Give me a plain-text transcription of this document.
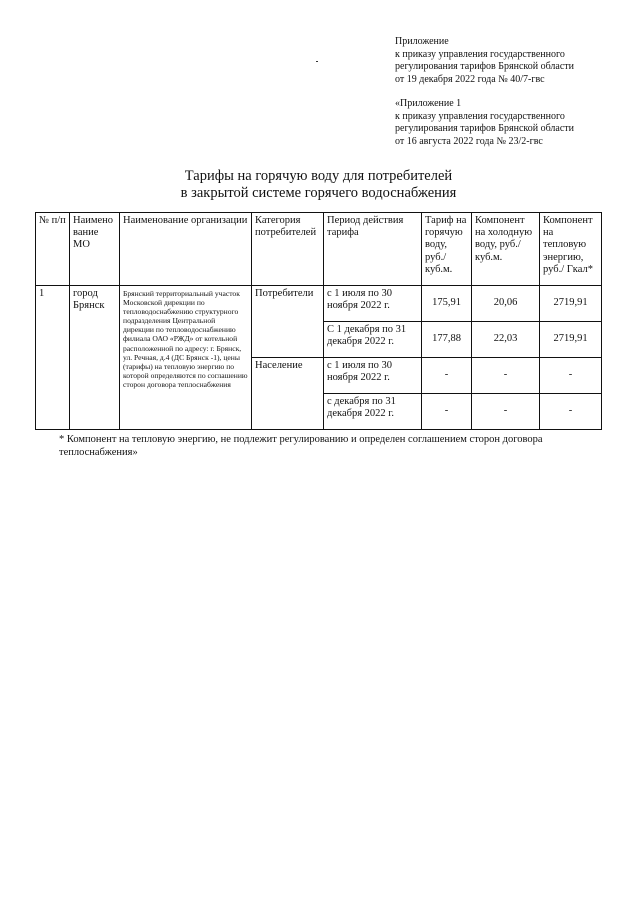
Приложение
к приказу управления государственного
регулирования тарифов Брянской области
от 19 декабря 2022 года № 40/7-гвс
«Приложение 1
к приказу управления государственного
регулирования тарифов Брянской области
от 16 августа 2022 года № 23/2-гвс
Тарифы на горячую воду для потребителей
в закрытой системе горячего водоснабжения
№ п/п	Наимено вание МО	Наименование организации	Категория потребителей	Период действия тарифа	Тариф на горячую воду, руб./ куб.м.	Компонент на холодную воду, руб./ куб.м.	Компонент на тепловую энергию, руб./ Гкал*
1	город Брянск	Брянский территориальный участок Московской дирекции по тепловодоснабжению структурного подразделения Центральной дирекции по тепловодоснабжению филиала ОАО «РЖД» от котельной расположенной по адресу: г. Брянск, ул. Речная, д.4 (ДС Брянск -1), цены (тарифы) на тепловую энергию по которой определяются по соглашению сторон договора теплоснабжения	Потребители	с 1 июля по 30 ноября 2022 г.	175,91	20,06	2719,91
				С 1 декабря по 31 декабря 2022 г.	177,88	22,03	2719,91
			Население	с 1 июля по 30 ноября 2022 г.	-	-	-
				с декабря по 31 декабря 2022 г.	-	-	-
* Компонент на тепловую энергию, не подлежит регулированию и определен соглашением сторон договора теплоснабжения»
